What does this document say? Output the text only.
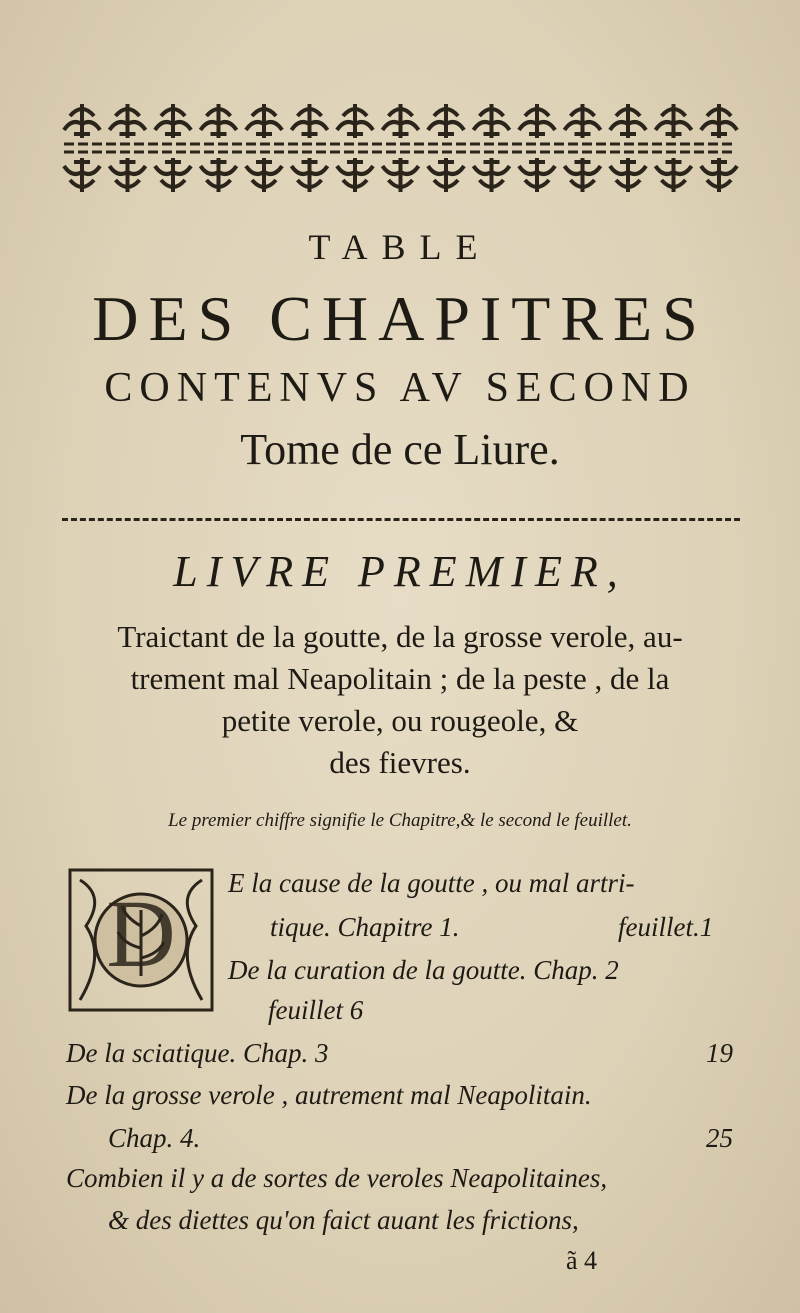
TABLE
DES CHAPITRES
CONTENVS AV SECOND
Tome de ce Liure.
LIVRE PREMIER,
Traictant de la goutte, de la grosse verole, au-
trement mal Neapolitain ; de la peste , de la
petite verole, ou rougeole, &
des fievres.
Le premier chiffre signifie le Chapitre,& le second le feuillet.
D E la cause de la goutte , ou mal artri-
tique. Chapitre 1.	feuillet.1
De la curation de la goutte. Chap. 2
feuillet 6
De la sciatique. Chap. 3	19
De la grosse verole , autrement mal Neapolitain.
Chap. 4.	25
Combien il y a de sortes de veroles Neapolitaines,
& des diettes qu'on faict auant les frictions,
ã 4
